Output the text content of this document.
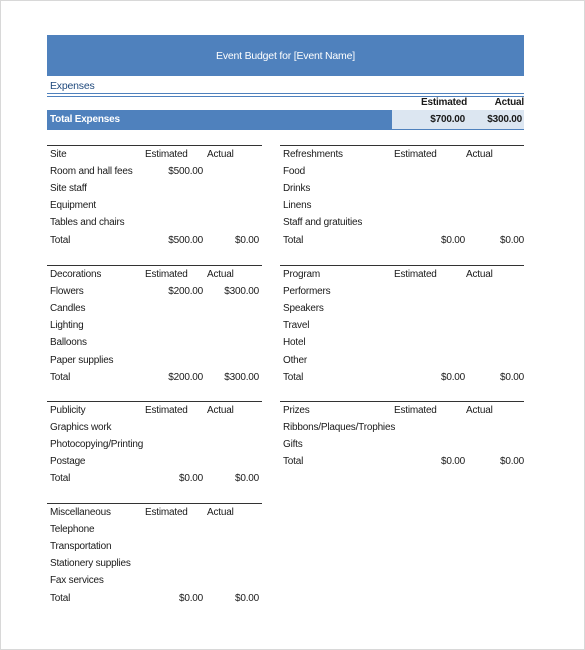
Event Budget for [Event Name]
Expenses
Estimated	Actual
Total Expenses	$700.00	$300.00
Site	Estimated Actual
Room and hall fees	$500.00
Site staff
Equipment
Tables and chairs
Total	$500.00	$0.00
Refreshments	Estimated	Actual
Food
Drinks
Linens
Staff and gratuities
Total	$0.00	$0.00
Decorations	Estimated Actual
Flowers	$200.00	$300.00
Candles
Lighting
Balloons
Paper supplies
Total	$200.00	$300.00
Program	Estimated	Actual
Performers
Speakers
Travel
Hotel
Other
Total	$0.00	$0.00
Publicity	Estimated Actual
Graphics work
Photocopying/Printing
Postage
Total	$0.00	$0.00
Prizes	Estimated	Actual
Ribbons/Plaques/Trophies
Gifts
Total	$0.00	$0.00
Miscellaneous	Estimated Actual
Telephone
Transportation
Stationery supplies
Fax services
Total	$0.00	$0.00
